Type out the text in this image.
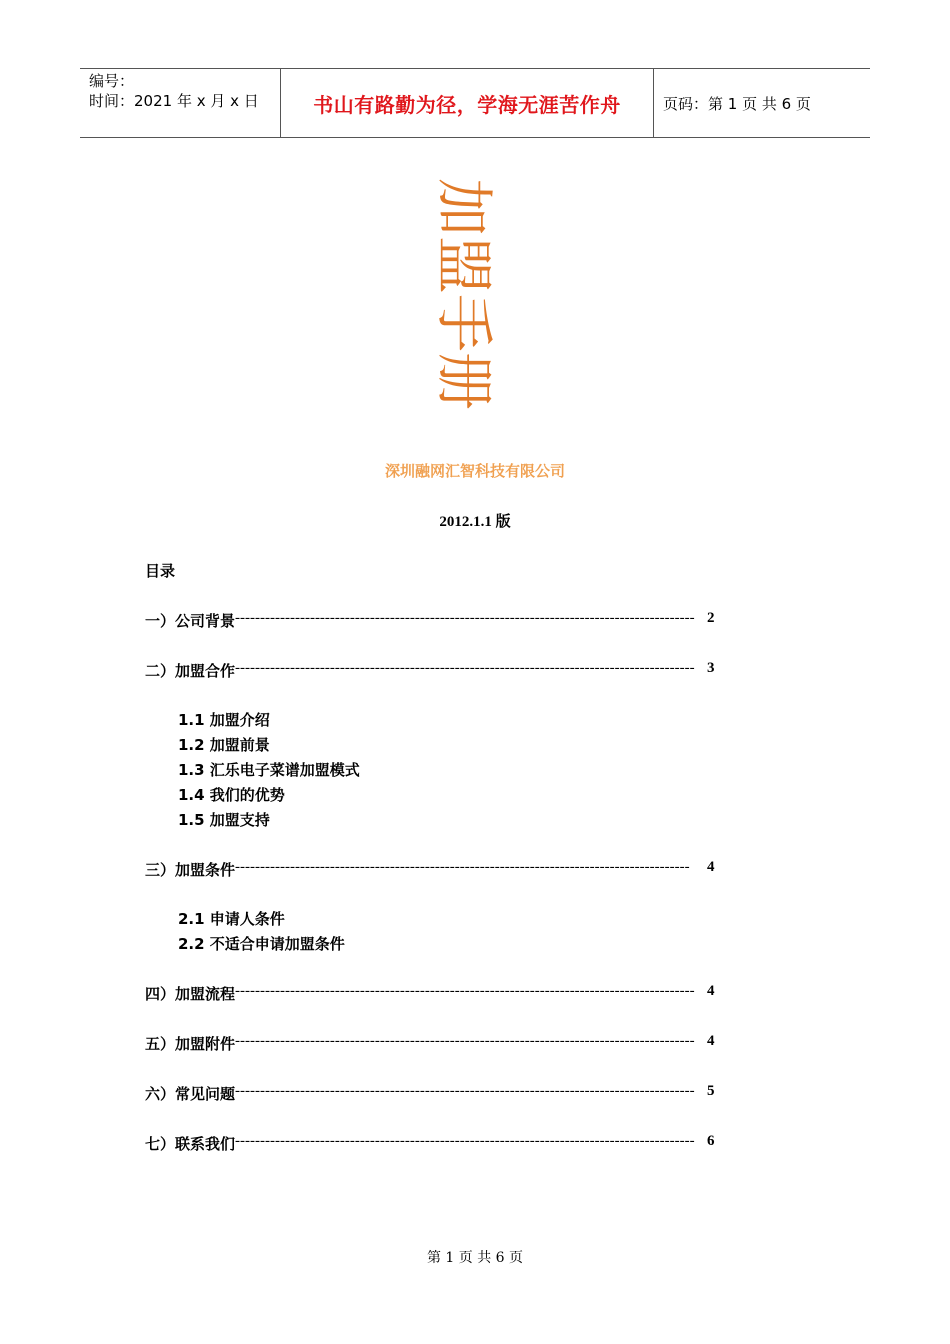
编号：
时间：2021 年 x 月 x 日	书山有路勤为径，学海无涯苦作舟	页码：第 1 页 共 6 页
加
盟
手
册
深圳融网汇智科技有限公司
2012.1.1 版
目录
一）公司背景 -------------------------------------------------------------------------------------------- 2
二）加盟合作 -------------------------------------------------------------------------------------------- 3
1.1 加盟介绍
1.2 加盟前景
1.3 汇乐电子菜谱加盟模式
1.4 我们的优势
1.5 加盟支持
三）加盟条件 -------------------------------------------------------------------------------------------	4
2.1 申请人条件
2.2 不适合申请加盟条件
四）加盟流程 -------------------------------------------------------------------------------------------- 4
五）加盟附件 -------------------------------------------------------------------------------------------- 4
六）常见问题 -------------------------------------------------------------------------------------------- 5
七）联系我们 -------------------------------------------------------------------------------------------- 6
第 1 页 共 6 页
